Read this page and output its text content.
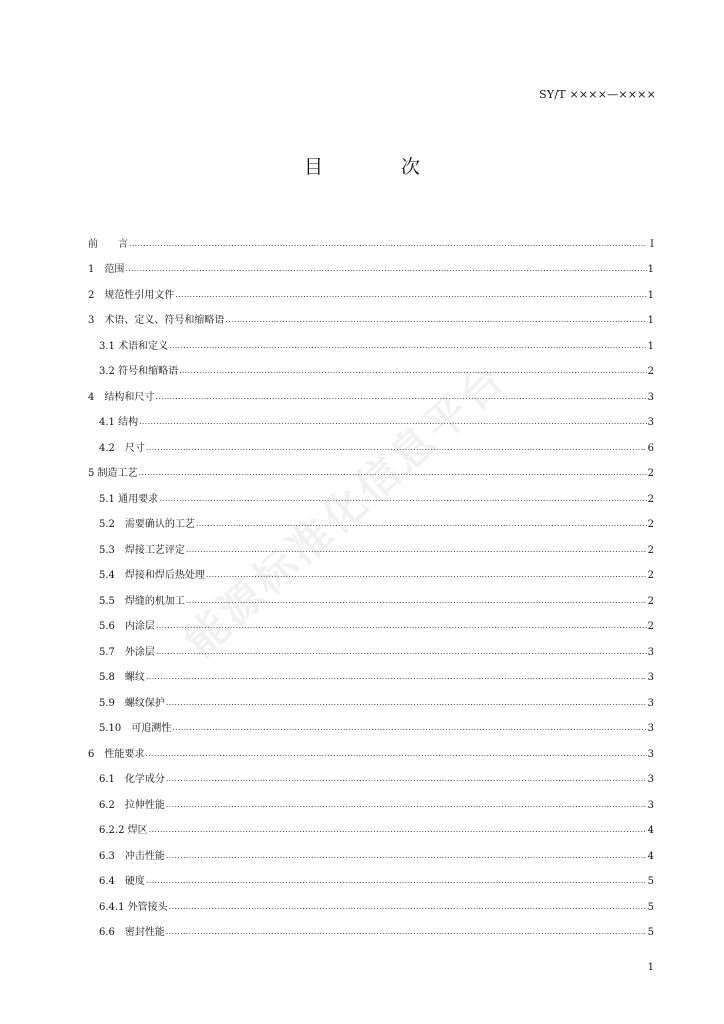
SY/T ××××—××××
目 次
能源标准化信息平台
前　　言 .....	I
1　范围 .....	1
2　规范性引用文件 .....	1
3　术语、定义、符号和缩略语 .....	1
3.1 术语和定义 .....	1
3.2 符号和缩略语 .....	2
4　结构和尺寸 .....	3
4.1 结构 .....	3
4.2　尺寸 .....	6
5 制造工艺 .....	2
5.1 通用要求 .....	2
5.2　需要确认的工艺 .....	2
5.3　焊接工艺评定 .....	2
5.4　焊接和焊后热处理 .....	2
5.5　焊缝的机加工 .....	2
5.6　内涂层 .....	2
5.7　外涂层 .....	3
5.8　螺纹 .....	3
5.9　螺纹保护 .....	3
5.10　可追溯性 .....	3
6　性能要求 .....	3
6.1　化学成分 .....	3
6.2　拉伸性能 .....	3
6.2.2 焊区 .....	4
6.3　冲击性能 .....	4
6.4　硬度 .....	5
6.4.1 外管接头 .....	5
6.6　密封性能 .....	5
1
